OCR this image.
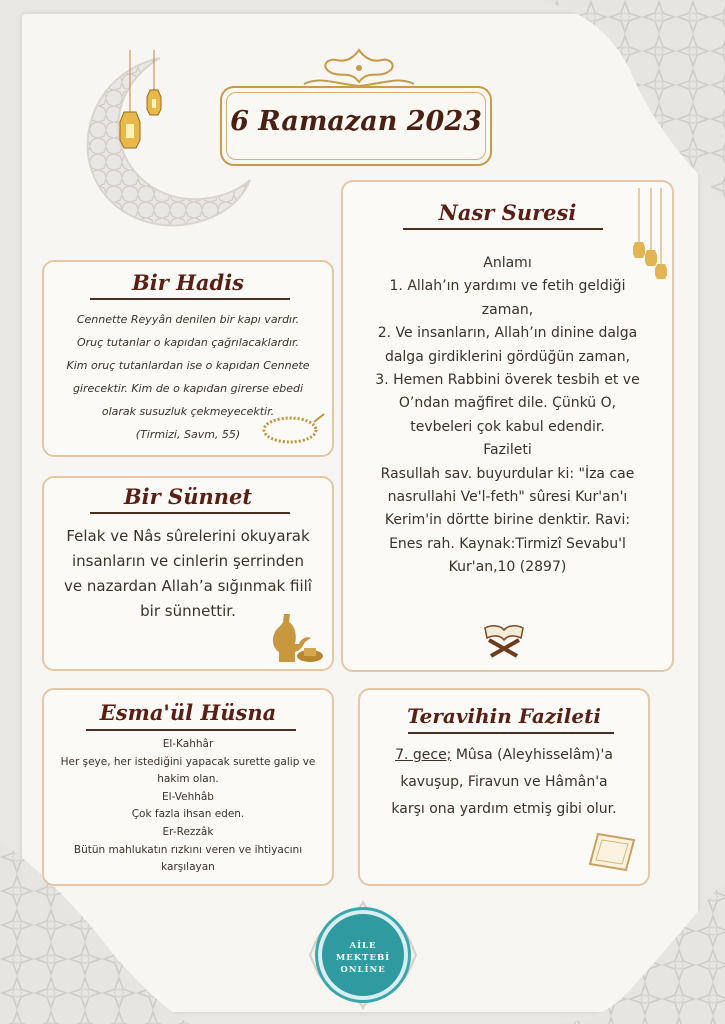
6 Ramazan 2023
Bir Hadis
Cennette Reyyân denilen bir kapı vardır.
Oruç tutanlar o kapıdan çağrılacaklardır.
Kim oruç tutanlardan ise o kapıdan Cennete
girecektir. Kim de o kapıdan girerse ebedi
olarak susuzluk çekmeyecektir.
(Tirmizi, Savm, 55)
Bir Sünnet
Felak ve Nâs sûrelerini okuyarak
insanların ve cinlerin şerrinden
ve nazardan Allah’a sığınmak fiilî
bir sünnettir.
Nasr Suresi
Anlamı
1. Allah’ın yardımı ve fetih geldiği
zaman,
2. Ve insanların, Allah’ın dinine dalga
dalga girdiklerini gördüğün zaman,
3. Hemen Rabbini överek tesbih et ve
O’ndan mağfiret dile. Çünkü O,
tevbeleri çok kabul edendir.
Fazileti
Rasullah sav. buyurdular ki: "İza cae
nasrullahi Ve'l-feth" sûresi Kur'an'ı
Kerim'in dörtte birine denktir. Ravi:
Enes rah. Kaynak:Tirmizî Sevabu'l
Kur'an,10 (2897)
Esma'ül Hüsna
El-Kahhâr
Her şeye, her istediğini yapacak surette galip ve
hakim olan.
El-Vehhâb
Çok fazla ihsan eden.
Er-Rezzâk
Bütün mahlukatın rızkını veren ve ihtiyacını
karşılayan
Teravihin Fazileti
7. gece; Mûsa (Aleyhisselâm)'a
kavuşup, Firavun ve Hâmân'a
karşı ona yardım etmiş gibi olur.
AİLE MEKTEBİ ONLİNE
